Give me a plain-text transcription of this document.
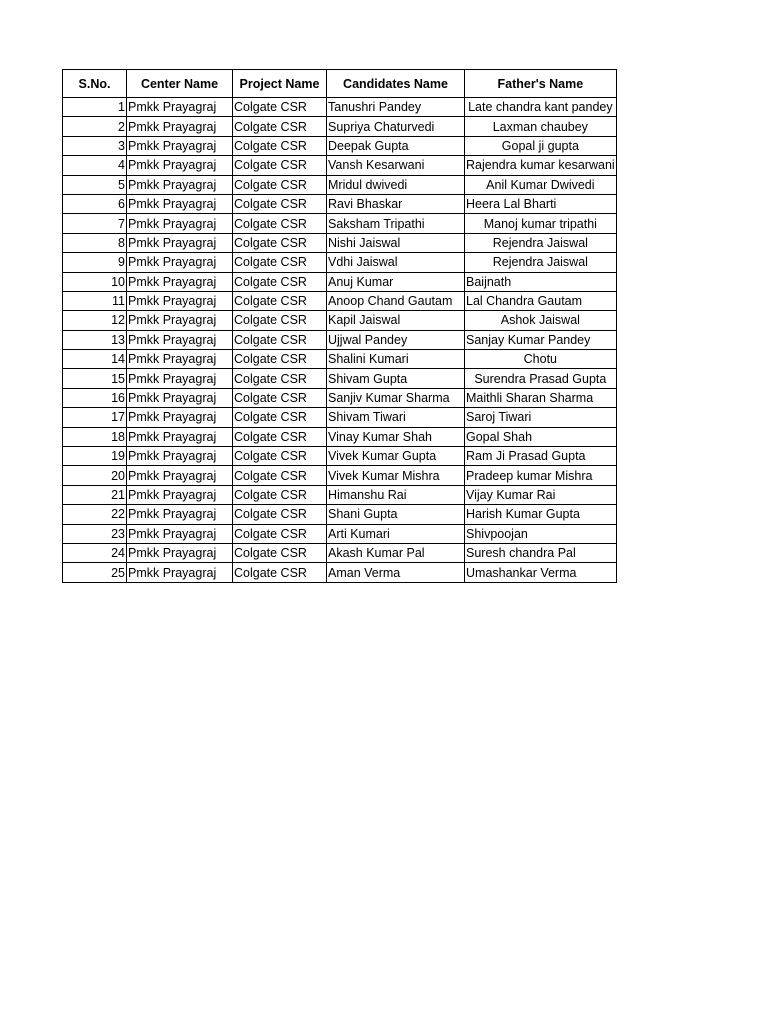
S.No.	Center Name	Project Name	Candidates Name	Father's Name
1	Pmkk Prayagraj	Colgate CSR	Tanushri Pandey	Late chandra kant pandey
2	Pmkk Prayagraj	Colgate CSR	Supriya Chaturvedi	Laxman chaubey
3	Pmkk Prayagraj	Colgate CSR	Deepak Gupta	Gopal ji gupta
4	Pmkk Prayagraj	Colgate CSR	Vansh Kesarwani	Rajendra kumar kesarwani
5	Pmkk Prayagraj	Colgate CSR	Mridul dwivedi	Anil Kumar Dwivedi
6	Pmkk Prayagraj	Colgate CSR	Ravi Bhaskar	Heera Lal Bharti
7	Pmkk Prayagraj	Colgate CSR	Saksham Tripathi	Manoj kumar tripathi
8	Pmkk Prayagraj	Colgate CSR	Nishi Jaiswal	Rejendra Jaiswal
9	Pmkk Prayagraj	Colgate CSR	Vdhi Jaiswal	Rejendra Jaiswal
10	Pmkk Prayagraj	Colgate CSR	Anuj Kumar	Baijnath
11	Pmkk Prayagraj	Colgate CSR	Anoop Chand Gautam	Lal Chandra Gautam
12	Pmkk Prayagraj	Colgate CSR	Kapil Jaiswal	Ashok Jaiswal
13	Pmkk Prayagraj	Colgate CSR	Ujjwal Pandey	Sanjay Kumar Pandey
14	Pmkk Prayagraj	Colgate CSR	Shalini Kumari	Chotu
15	Pmkk Prayagraj	Colgate CSR	Shivam Gupta	Surendra Prasad Gupta
16	Pmkk Prayagraj	Colgate CSR	Sanjiv Kumar Sharma	Maithli Sharan Sharma
17	Pmkk Prayagraj	Colgate CSR	Shivam Tiwari	Saroj Tiwari
18	Pmkk Prayagraj	Colgate CSR	Vinay Kumar Shah	Gopal Shah
19	Pmkk Prayagraj	Colgate CSR	Vivek Kumar Gupta	Ram Ji Prasad Gupta
20	Pmkk Prayagraj	Colgate CSR	Vivek Kumar Mishra	Pradeep kumar Mishra
21	Pmkk Prayagraj	Colgate CSR	Himanshu Rai	Vijay Kumar Rai
22	Pmkk Prayagraj	Colgate CSR	Shani Gupta	Harish Kumar Gupta
23	Pmkk Prayagraj	Colgate CSR	Arti Kumari	Shivpoojan
24	Pmkk Prayagraj	Colgate CSR	Akash Kumar Pal	Suresh chandra Pal
25	Pmkk Prayagraj	Colgate CSR	Aman Verma	Umashankar Verma
